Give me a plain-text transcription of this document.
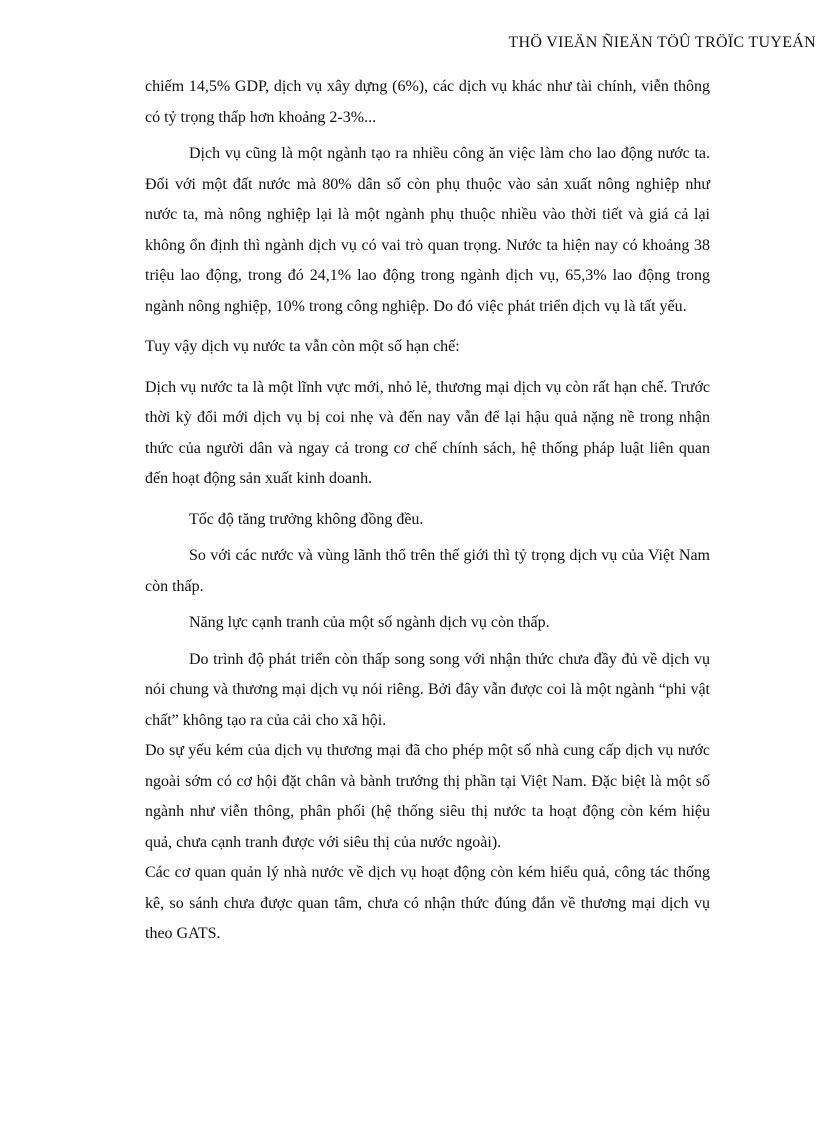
THÖ VIEÄN ÑIEÄN TÖÛ TRÖÏC TUYEÁN

chiếm 14,5% GDP, dịch vụ xây dựng (6%), các dịch vụ khác như tài chính, viễn thông có tỷ trọng thấp hơn khoảng 2-3%...

Dịch vụ cũng là một ngành tạo ra nhiều công ăn việc làm cho lao động nước ta. Đối với một đất nước mà 80% dân số còn phụ thuộc vào sản xuất nông nghiệp như nước ta, mà nông nghiệp lại là một ngành phụ thuộc nhiều vào thời tiết và giá cả lại không ổn định thì ngành dịch vụ có vai trò quan trọng. Nước ta hiện nay có khoảng 38 triệu lao động, trong đó 24,1% lao động trong ngành dịch vụ, 65,3% lao động trong ngành nông nghiệp, 10% trong công nghiệp. Do đó việc phát triển dịch vụ là tất yếu.

Tuy vậy dịch vụ nước ta vẫn còn một số hạn chế:

Dịch vụ nước ta là một lĩnh vực mới, nhỏ lẻ, thương mại dịch vụ còn rất hạn chế. Trước thời kỳ đổi mới dịch vụ bị coi nhẹ và đến nay vẫn để lại hậu quả nặng nề trong nhận thức của người dân và ngay cả trong cơ chế chính sách, hệ thống pháp luật liên quan đến hoạt động sản xuất kinh doanh.

Tốc độ tăng trưởng không đồng đều.

So với các nước và vùng lãnh thổ trên thế giới thì tỷ trọng dịch vụ của Việt Nam còn thấp.

Năng lực cạnh tranh của một số ngành dịch vụ còn thấp.

Do trình độ phát triển còn thấp song song với nhận thức chưa đầy đủ về dịch vụ nói chung và thương mại dịch vụ nói riêng. Bởi đây vẫn được coi là một ngành “phi vật chất” không tạo ra của cải cho xã hội.

Do sự yếu kém của dịch vụ thương mại đã cho phép một số nhà cung cấp dịch vụ nước ngoài sớm có cơ hội đặt chân và bành trướng thị phần tại Việt Nam. Đặc biệt là một số ngành như viễn thông, phân phối (hệ thống siêu thị nước ta hoạt động còn kém hiệu quả, chưa cạnh tranh được với siêu thị của nước ngoài).

Các cơ quan quản lý nhà nước về dịch vụ hoạt động còn kém hiểu quả, công tác thống kê, so sánh chưa được quan tâm, chưa có nhận thức đúng đắn về thương mại dịch vụ theo GATS.
